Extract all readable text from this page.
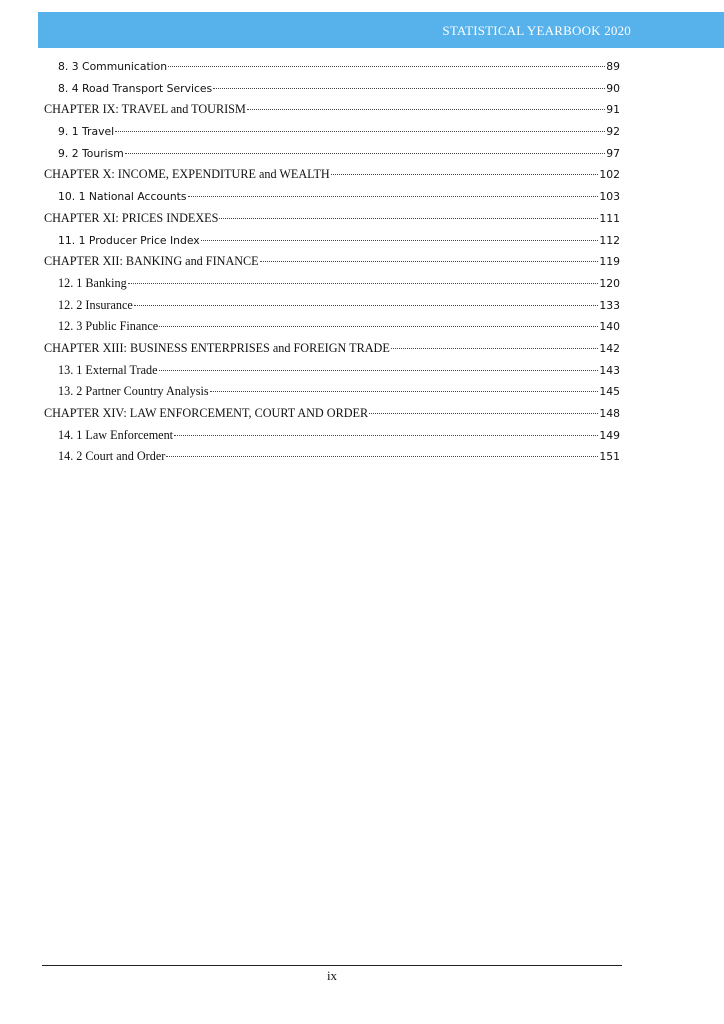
STATISTICAL YEARBOOK 2020
8. 3 Communication	89
8. 4 Road Transport Services	90
CHAPTER IX: TRAVEL and TOURISM	91
9. 1 Travel	92
9. 2 Tourism	97
CHAPTER X: INCOME, EXPENDITURE and WEALTH	102
10. 1 National Accounts	103
CHAPTER XI: PRICES INDEXES	111
11. 1 Producer Price Index	112
CHAPTER XII: BANKING and FINANCE	119
12. 1 Banking	120
12. 2 Insurance	133
12. 3 Public Finance	140
CHAPTER XIII: BUSINESS ENTERPRISES and FOREIGN TRADE	142
13. 1 External Trade	143
13. 2 Partner Country Analysis	145
CHAPTER XIV: LAW ENFORCEMENT, COURT AND ORDER	148
14. 1 Law Enforcement	149
14. 2 Court and Order	151
ix
